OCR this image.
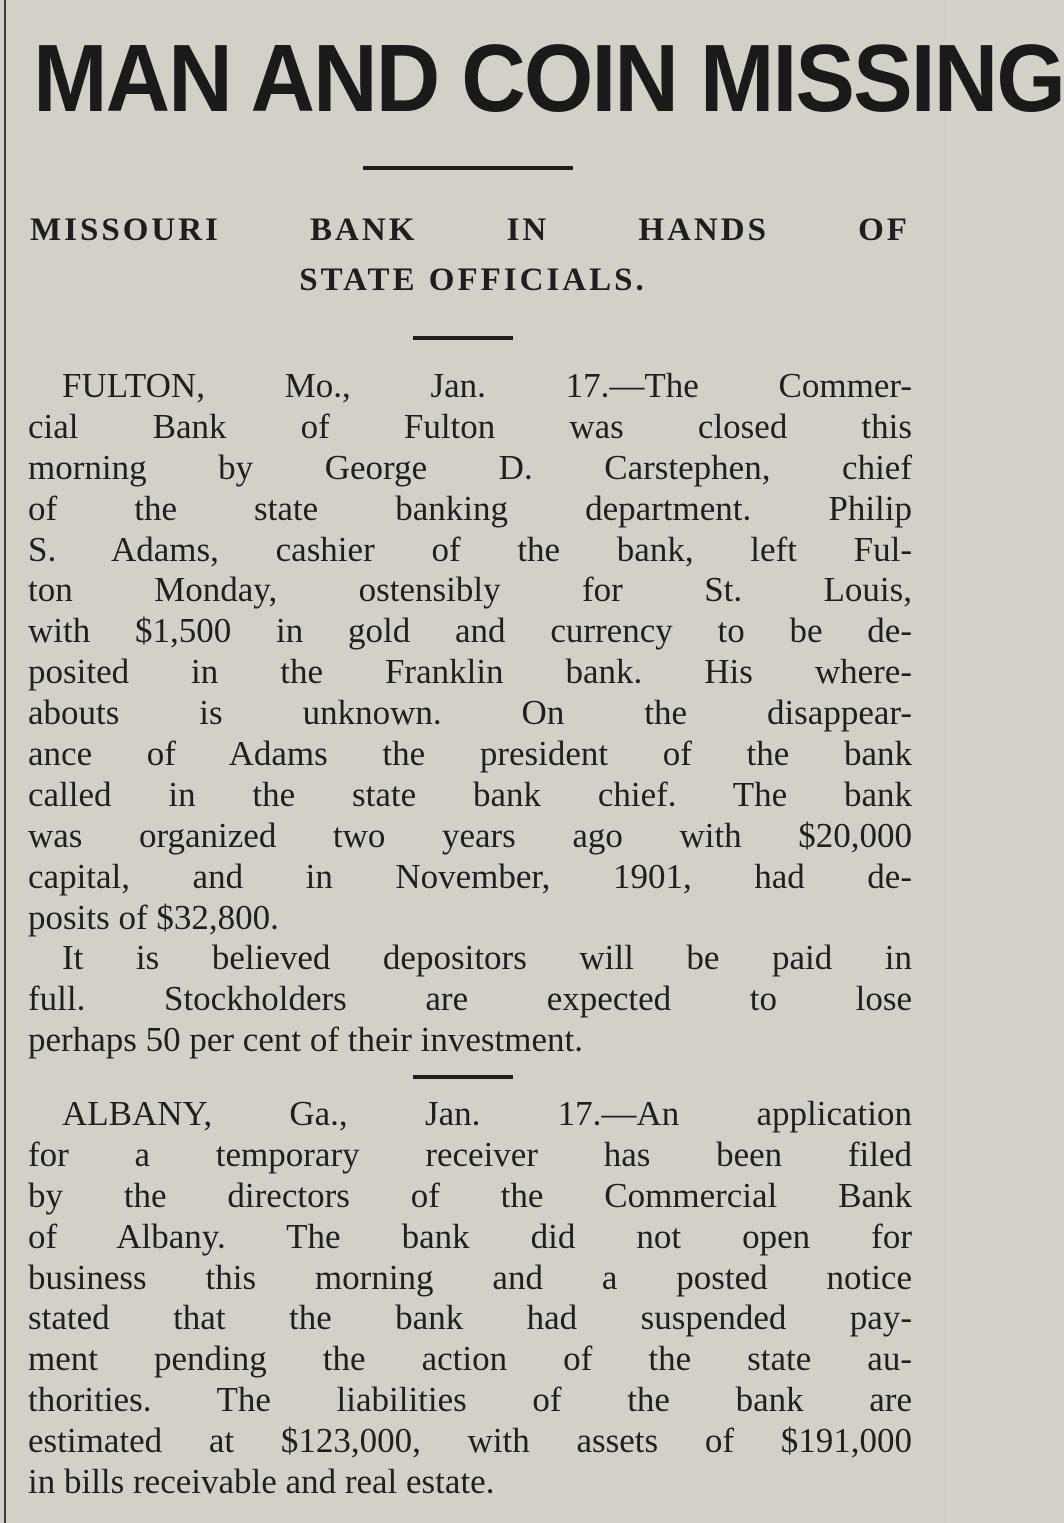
MAN AND COIN MISSING
MISSOURI	BANK	IN	HANDS	OF
STATE OFFICIALS.
FULTON, Mo., Jan. 17.—The Commer-
cial Bank of Fulton was closed this
morning by George D. Carstephen, chief
of the state banking department. Philip
S. Adams, cashier of the bank, left Ful-
ton Monday, ostensibly for St. Louis,
with $1,500 in gold and currency to be de-
posited in the Franklin bank. His where-
abouts is unknown. On the disappear-
ance of Adams the president of the bank
called in the state bank chief. The bank
was organized two years ago with $20,000
capital, and in November, 1901, had de-
posits of $32,800.
It is believed depositors will be paid in
full. Stockholders are expected to lose
perhaps 50 per cent of their investment.
ALBANY, Ga., Jan. 17.—An application
for a temporary receiver has been filed
by the directors of the Commercial Bank
of Albany. The bank did not open for
business this morning and a posted notice
stated that the bank had suspended pay-
ment pending the action of the state au-
thorities. The liabilities of the bank are
estimated at $123,000, with assets of $191,000
in bills receivable and real estate.
